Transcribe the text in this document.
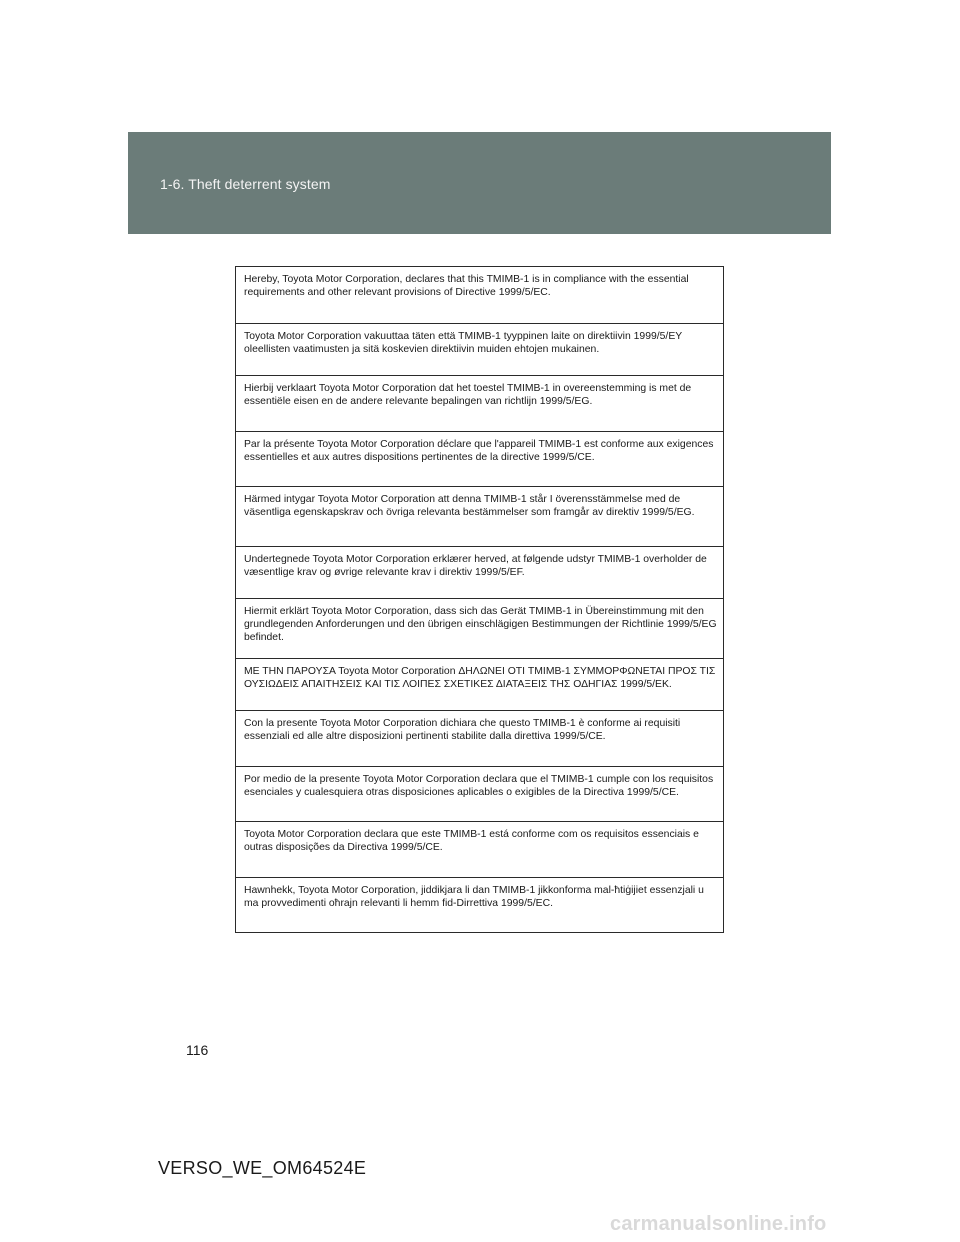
1-6. Theft deterrent system
Hereby, Toyota Motor Corporation, declares that this TMIMB-1 is in compliance with the essential requirements and other relevant provisions of Directive 1999/5/EC.
Toyota Motor Corporation vakuuttaa täten että TMIMB-1 tyyppinen laite on direktiivin 1999/5/EY oleellisten vaatimusten ja sitä koskevien direktiivin muiden ehtojen mukainen.
Hierbij verklaart Toyota Motor Corporation dat het toestel TMIMB-1 in overeenstemming is met de essentiële eisen en de andere relevante bepalingen van richtlijn 1999/5/EG.
Par la présente Toyota Motor Corporation déclare que l'appareil TMIMB-1 est conforme aux exigences essentielles et aux autres dispositions pertinentes de la directive 1999/5/CE.
Härmed intygar Toyota Motor Corporation att denna TMIMB-1 står I överensstämmelse med de väsentliga egenskapskrav och övriga relevanta bestämmelser som framgår av direktiv 1999/5/EG.
Undertegnede Toyota Motor Corporation erklærer herved, at følgende udstyr TMIMB-1 overholder de væsentlige krav og øvrige relevante krav i direktiv 1999/5/EF.
Hiermit erklärt Toyota Motor Corporation, dass sich das Gerät TMIMB-1 in Übereinstimmung mit den grundlegenden Anforderungen und den übrigen einschlägigen Bestimmungen der Richtlinie 1999/5/EG befindet.
ΜΕ ΤΗΝ ΠΑΡΟΥΣΑ Toyota Motor Corporation ΔΗΛΩΝΕΙ ΟΤΙ TMIMB-1 ΣΥΜΜΟΡΦΩΝΕΤΑΙ ΠΡΟΣ ΤΙΣ ΟΥΣΙΩΔΕΙΣ ΑΠΑΙΤΗΣΕΙΣ ΚΑΙ ΤΙΣ ΛΟΙΠΕΣ ΣΧΕΤΙΚΕΣ ΔΙΑΤΑΞΕΙΣ ΤΗΣ ΟΔΗΓΙΑΣ 1999/5/ΕΚ.
Con la presente Toyota Motor Corporation dichiara che questo TMIMB-1 è conforme ai requisiti essenziali ed alle altre disposizioni pertinenti stabilite dalla direttiva 1999/5/CE.
Por medio de la presente Toyota Motor Corporation declara que el TMIMB-1 cumple con los requisitos esenciales y cualesquiera otras disposiciones aplicables o exigibles de la Directiva 1999/5/CE.
Toyota Motor Corporation declara que este TMIMB-1 está conforme com os requisitos essenciais e outras disposições da Directiva 1999/5/CE.
Hawnhekk, Toyota Motor Corporation, jiddikjara li dan TMIMB-1 jikkonforma mal-ħtiġijiet essenzjali u ma provvedimenti oħrajn relevanti li hemm fid-Dirrettiva 1999/5/EC.
116
VERSO_WE_OM64524E
carmanualsonline.info
